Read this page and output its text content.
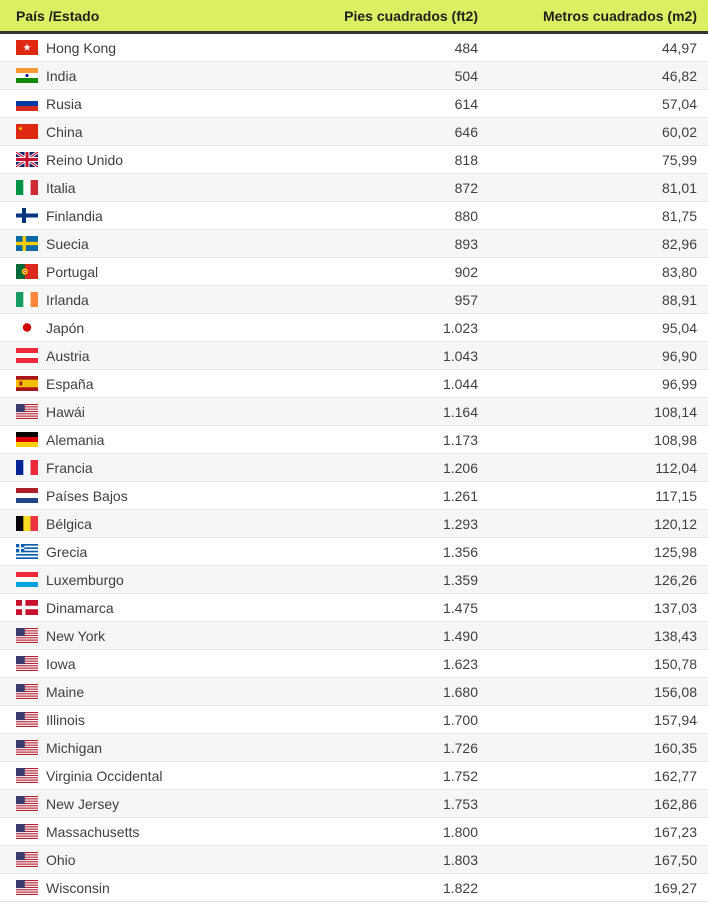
País /Estado	Pies cuadrados (ft2)	Metros cuadrados (m2)
Hong Kong	484	44,97
India	504	46,82
Rusia	614	57,04
China	646	60,02
Reino Unido	818	75,99
Italia	872	81,01
Finlandia	880	81,75
Suecia	893	82,96
Portugal	902	83,80
Irlanda	957	88,91
Japón	1.023	95,04
Austria	1.043	96,90
España	1.044	96,99
Hawái	1.164	108,14
Alemania	1.173	108,98
Francia	1.206	112,04
Países Bajos	1.261	117,15
Bélgica	1.293	120,12
Grecia	1.356	125,98
Luxemburgo	1.359	126,26
Dinamarca	1.475	137,03
New York	1.490	138,43
Iowa	1.623	150,78
Maine	1.680	156,08
Illinois	1.700	157,94
Michigan	1.726	160,35
Virginia Occidental	1.752	162,77
New Jersey	1.753	162,86
Massachusetts	1.800	167,23
Ohio	1.803	167,50
Wisconsin	1.822	169,27
